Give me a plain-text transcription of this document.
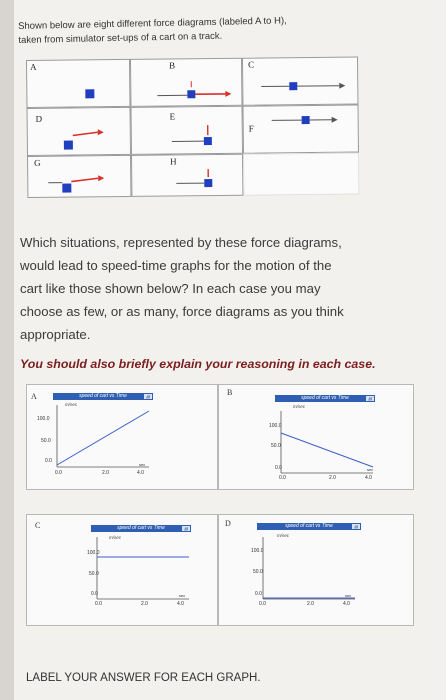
Shown below are eight different force diagrams (labeled A to H),
taken from simulator set-ups of a cart on a track.
A	B	C
D	E
F
G	H
Which situations, represented by these force diagrams,
would lead to speed-time graphs for the motion of the
cart like those shown below? In each case you may
choose as few, or as many, force diagrams as you think
appropriate.
You should also briefly explain your reasoning in each case.
A	speed of cart vs Time	▤
m/sec
100.0
50.0
0.0
0.0	2.0	4.0
sec
B
speed of cart vs Time	▤
m/sec
100.0
50.0
0.0
0.0	2.0	4.0
sec
C	speed of cart vs Time	▤
m/sec
100.0
50.0
0.0
0.0	2.0	4.0
sec
D	speed of cart vs Time	▤
m/sec
100.0
50.0
0.0
0.0	2.0	4.0
sec
LABEL YOUR ANSWER FOR EACH GRAPH.
